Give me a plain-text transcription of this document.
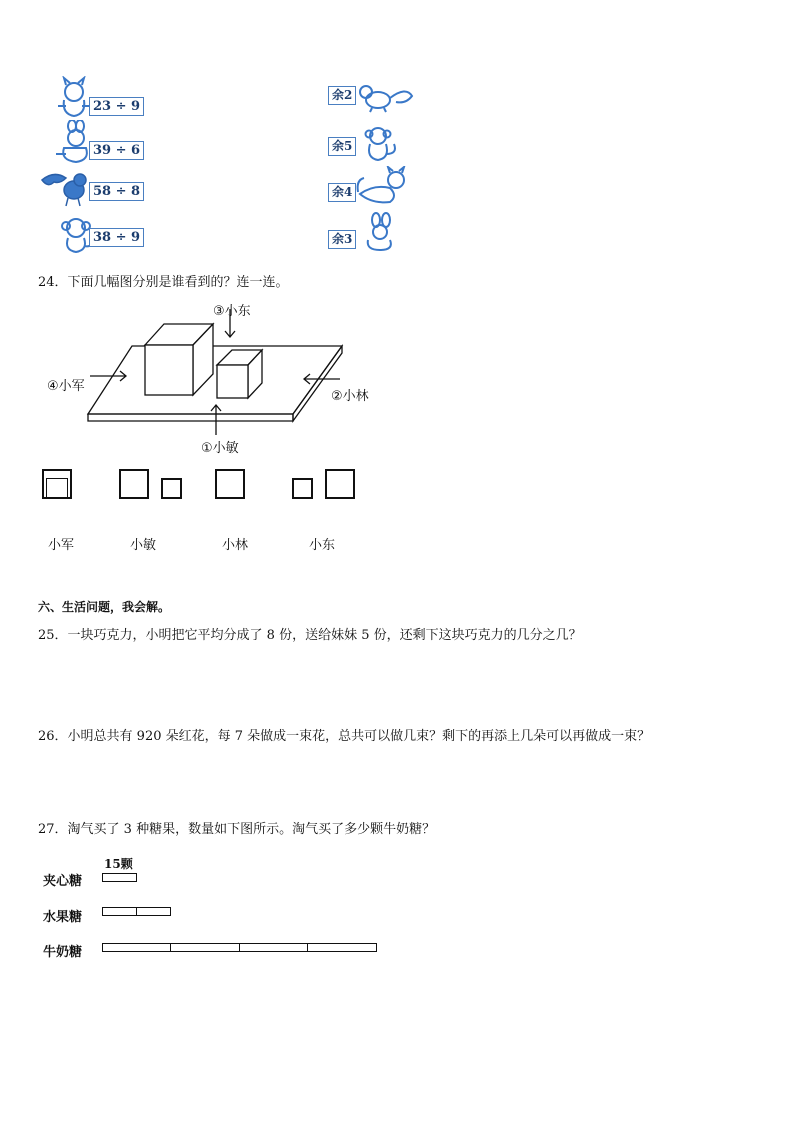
23 ÷ 9
39 ÷ 6
58 ÷ 8
38 ÷ 9
余2
余5
余4
余3
24．下面几幅图分别是谁看到的？连一连。
③小东
④小军
②小林
①小敏
小军	小敏	小林	小东
六、生活问题，我会解。
25．一块巧克力，小明把它平均分成了 8 份，送给妹妹 5 份，还剩下这块巧克力的几分之几？
26．小明总共有 920 朵红花，每 7 朵做成一束花，总共可以做几束？剩下的再添上几朵可以再做成一束？
27．淘气买了 3 种糖果，数量如下图所示。淘气买了多少颗牛奶糖？
15颗
夹心糖
水果糖
牛奶糖
